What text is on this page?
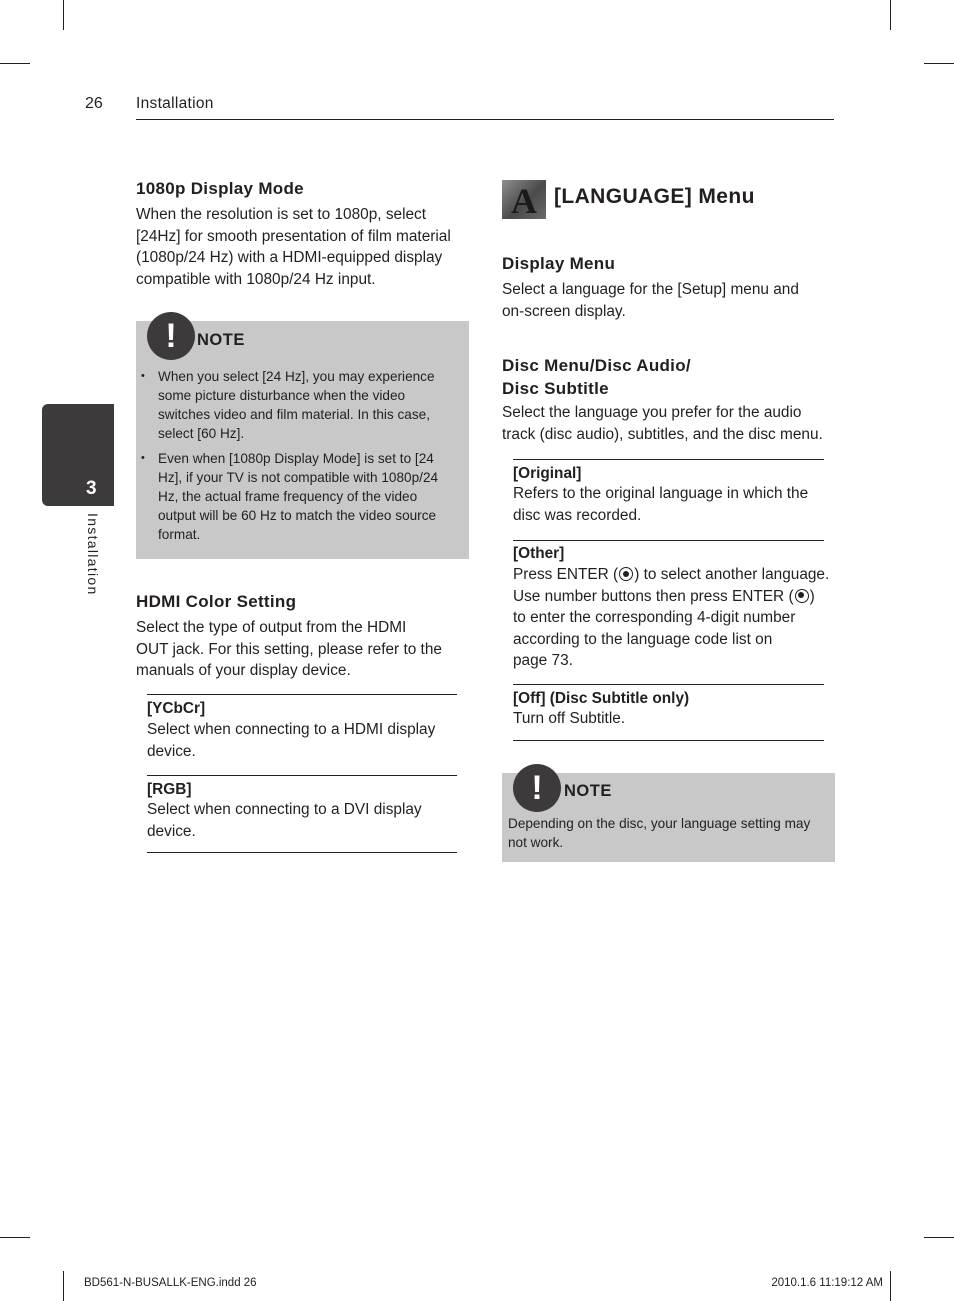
26 Installation
3
Installation
1080p Display Mode
When the resolution is set to 1080p, select
[24Hz] for smooth presentation of film material
(1080p/24 Hz) with a HDMI-equipped display
compatible with 1080p/24 Hz input.
!	NOTE
• When you select [24 Hz], you may experience some picture disturbance when the video switches video and film material. In this case, select [60 Hz].
• Even when [1080p Display Mode] is set to [24 Hz], if your TV is not compatible with 1080p/24 Hz, the actual frame frequency of the video output will be 60 Hz to match the video source format.
HDMI Color Setting
Select the type of output from the HDMI
OUT jack. For this setting, please refer to the
manuals of your display device.
[YCbCr]
Select when connecting to a HDMI display
device.
[RGB]
Select when connecting to a DVI display
device.
A [LANGUAGE] Menu
Display Menu
Select a language for the [Setup] menu and
on-screen display.
Disc Menu/Disc Audio/
Disc Subtitle
Select the language you prefer for the audio
track (disc audio), subtitles, and the disc menu.
[Original]
Refers to the original language in which the
disc was recorded.
[Other]
Press ENTER ( ) to select another language.
Use number buttons then press ENTER ( )
to enter the corresponding 4-digit number
according to the language code list on
page 73.
[Off] (Disc Subtitle only)
Turn off Subtitle.
!	NOTE
Depending on the disc, your language setting may
not work.
BD561-N-BUSALLK-ENG.indd 26	2010.1.6 11:19:12 AM
